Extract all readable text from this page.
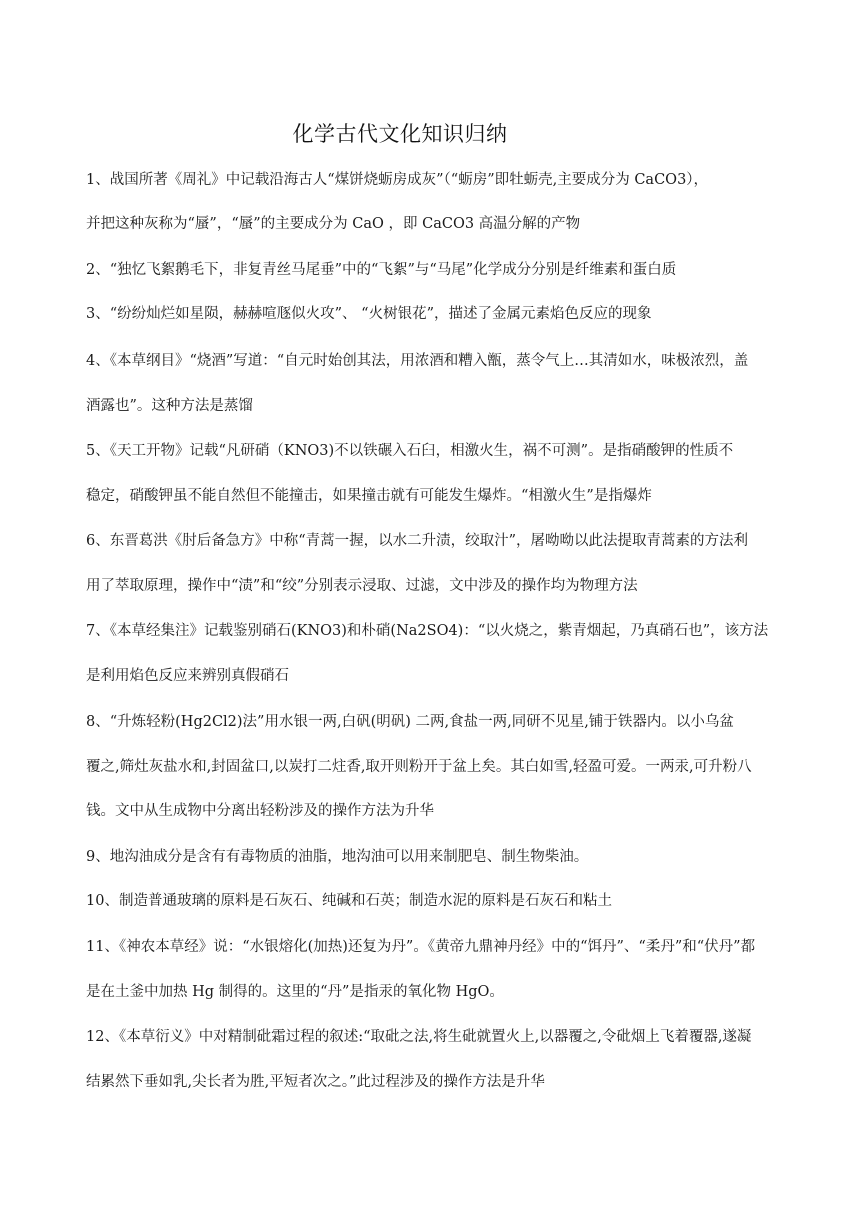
化学古代文化知识归纳
1、战国所著《周礼》中记载沿海古人“煤饼烧蛎房成灰”（“蛎房”即牡蛎壳,主要成分为 CaCO3），
并把这种灰称为“蜃”，“蜃”的主要成分为 CaO ，即 CaCO3 高温分解的产物
2、“独忆飞絮鹅毛下，非复青丝马尾垂”中的“飞絮”与“马尾”化学成分分别是纤维素和蛋白质
3、“纷纷灿烂如星陨，赫赫喧豗似火攻”、 “火树银花”，描述了金属元素焰色反应的现象
4、《本草纲目》“烧酒”写道：“自元时始创其法，用浓酒和糟入甑，蒸令气上…其清如水，味极浓烈，盖
酒露也”。这种方法是蒸馏
5、《天工开物》记载“凡研硝（KNO3)不以铁碾入石臼，相激火生，祸不可测”。是指硝酸钾的性质不
稳定，硝酸钾虽不能自然但不能撞击，如果撞击就有可能发生爆炸。“相激火生”是指爆炸
6、东晋葛洪《肘后备急方》中称“青蒿一握，以水二升渍，绞取汁”，屠呦呦以此法提取青蒿素的方法利
用了萃取原理，操作中“渍”和“绞”分别表示浸取、过滤，文中涉及的操作均为物理方法
7、《本草经集注》记载鉴别硝石(KNO3)和朴硝(Na2SO4)：“以火烧之，紫青烟起，乃真硝石也”，该方法
是利用焰色反应来辨别真假硝石
8、“升炼轻粉(Hg2Cl2)法”用水银一两,白矾(明矾) 二两,食盐一两,同研不见星,铺于铁器内。以小乌盆
覆之,筛灶灰盐水和,封固盆口,以炭打二炷香,取开则粉开于盆上矣。其白如雪,轻盈可爱。一两汞,可升粉八
钱。文中从生成物中分离出轻粉涉及的操作方法为升华
9、地沟油成分是含有有毒物质的油脂，地沟油可以用来制肥皂、制生物柴油。
10、制造普通玻璃的原料是石灰石、纯碱和石英；制造水泥的原料是石灰石和粘土
11、《神农本草经》说：“水银熔化(加热)还复为丹”。《黄帝九鼎神丹经》中的“饵丹”、“柔丹”和“伏丹”都
是在土釜中加热 Hg 制得的。这里的“丹”是指汞的氧化物 HgO。
12、《本草衍义》中对精制砒霜过程的叙述:“取砒之法,将生砒就置火上,以器覆之,令砒烟上飞着覆器,遂凝
结累然下垂如乳,尖长者为胜,平短者次之。”此过程涉及的操作方法是升华
